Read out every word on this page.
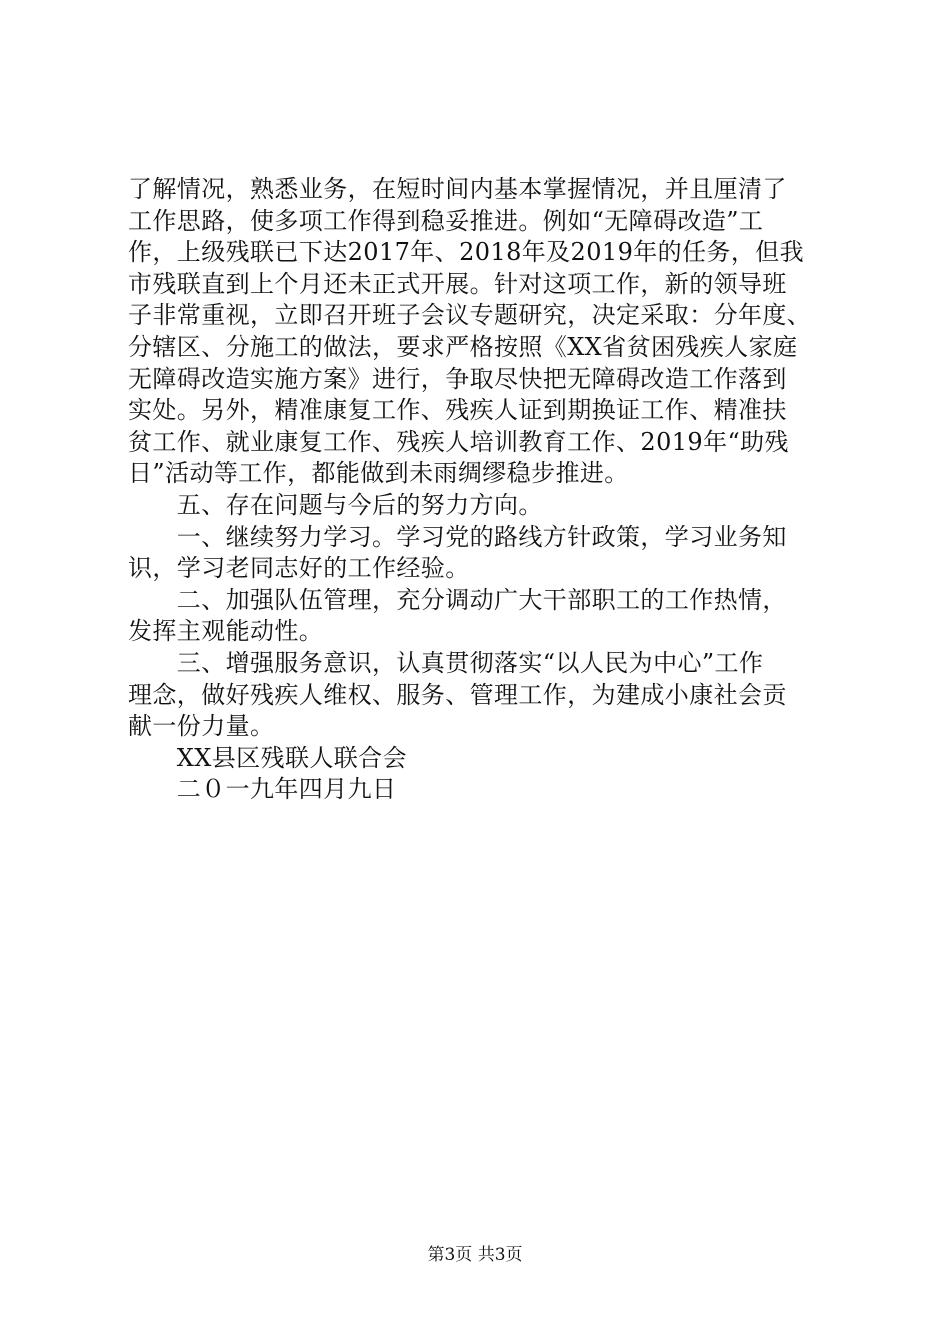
了解情况，熟悉业务，在短时间内基本掌握情况，并且厘清了
工作思路，使多项工作得到稳妥推进。例如“无障碍改造”工
作，上级残联已下达2017年、2018年及2019年的任务，但我
市残联直到上个月还未正式开展。针对这项工作，新的领导班
子非常重视，立即召开班子会议专题研究，决定采取：分年度、
分辖区、分施工的做法，要求严格按照《XX省贫困残疾人家庭
无障碍改造实施方案》进行，争取尽快把无障碍改造工作落到
实处。另外，精准康复工作、残疾人证到期换证工作、精准扶
贫工作、就业康复工作、残疾人培训教育工作、2019年“助残
日”活动等工作，都能做到未雨绸缪稳步推进。
　　五、存在问题与今后的努力方向。
　　一、继续努力学习。学习党的路线方针政策，学习业务知
识，学习老同志好的工作经验。
　　二、加强队伍管理，充分调动广大干部职工的工作热情，
发挥主观能动性。
　　三、增强服务意识，认真贯彻落实“以人民为中心”工作
理念，做好残疾人维权、服务、管理工作，为建成小康社会贡
献一份力量。
　　XX县区残联人联合会
　　二０一九年四月九日
第3页 共3页
